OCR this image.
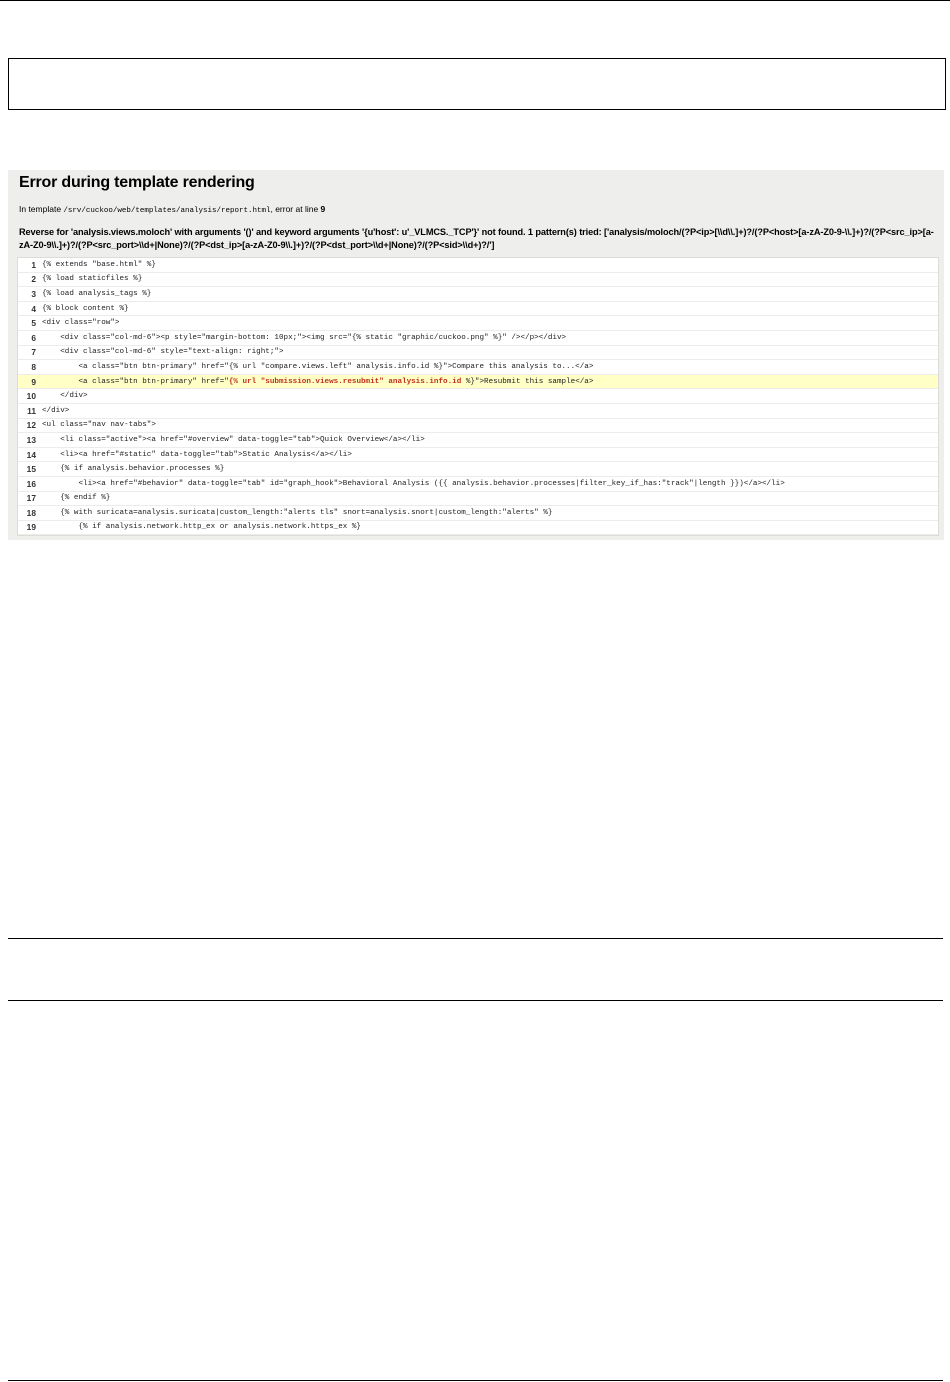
Error during template rendering
In template /srv/cuckoo/web/templates/analysis/report.html, error at line 9
Reverse for 'analysis.views.moloch' with arguments '()' and keyword arguments '{u'host': u'_VLMCS._TCP'}' not found. 1 pattern(s) tried: ['analysis/moloch/(?P<ip>[\\d\\.]+)?/(?P<host>[a-zA-Z0-9-\\.]+)?/(?P<src_ip>[a-zA-Z0-9\\.]+)?/(?P<src_port>\\d+|None)?/(?P<dst_ip>[a-zA-Z0-9\\.]+)?/(?P<dst_port>\\d+|None)?/(?P<sid>\\d+)?/']
1 {% extends "base.html" %}
2 {% load staticfiles %}
3 {% load analysis_tags %}
4 {% block content %}
5 <div class="row">
6 <div class="col-md-6"><p style="margin-bottom: 10px;"><img src="{% static "graphic/cuckoo.png" %}" /></p></div>
7 <div class="col-md-6" style="text-align: right;">
8 <a class="btn btn-primary" href="{% url "compare.views.left" analysis.info.id %}">Compare this analysis to...</a>
9 <a class="btn btn-primary" href="{% url "submission.views.resubmit" analysis.info.id %}">Resubmit this sample</a>
10 </div>
11 </div>
12 <ul class="nav nav-tabs">
13 <li class="active"><a href="#overview" data-toggle="tab">Quick Overview</a></li>
14 <li><a href="#static" data-toggle="tab">Static Analysis</a></li>
15 {% if analysis.behavior.processes %}
16 <li><a href="#behavior" data-toggle="tab" id="graph_hook">Behavioral Analysis ({{ analysis.behavior.processes|filter_key_if_has:"track"|length }})</a></li>
17 {% endif %}
18 {% with suricata=analysis.suricata|custom_length:"alerts tls" snort=analysis.snort|custom_length:"alerts" %}
19 {% if analysis.network.http_ex or analysis.network.https_ex %}
